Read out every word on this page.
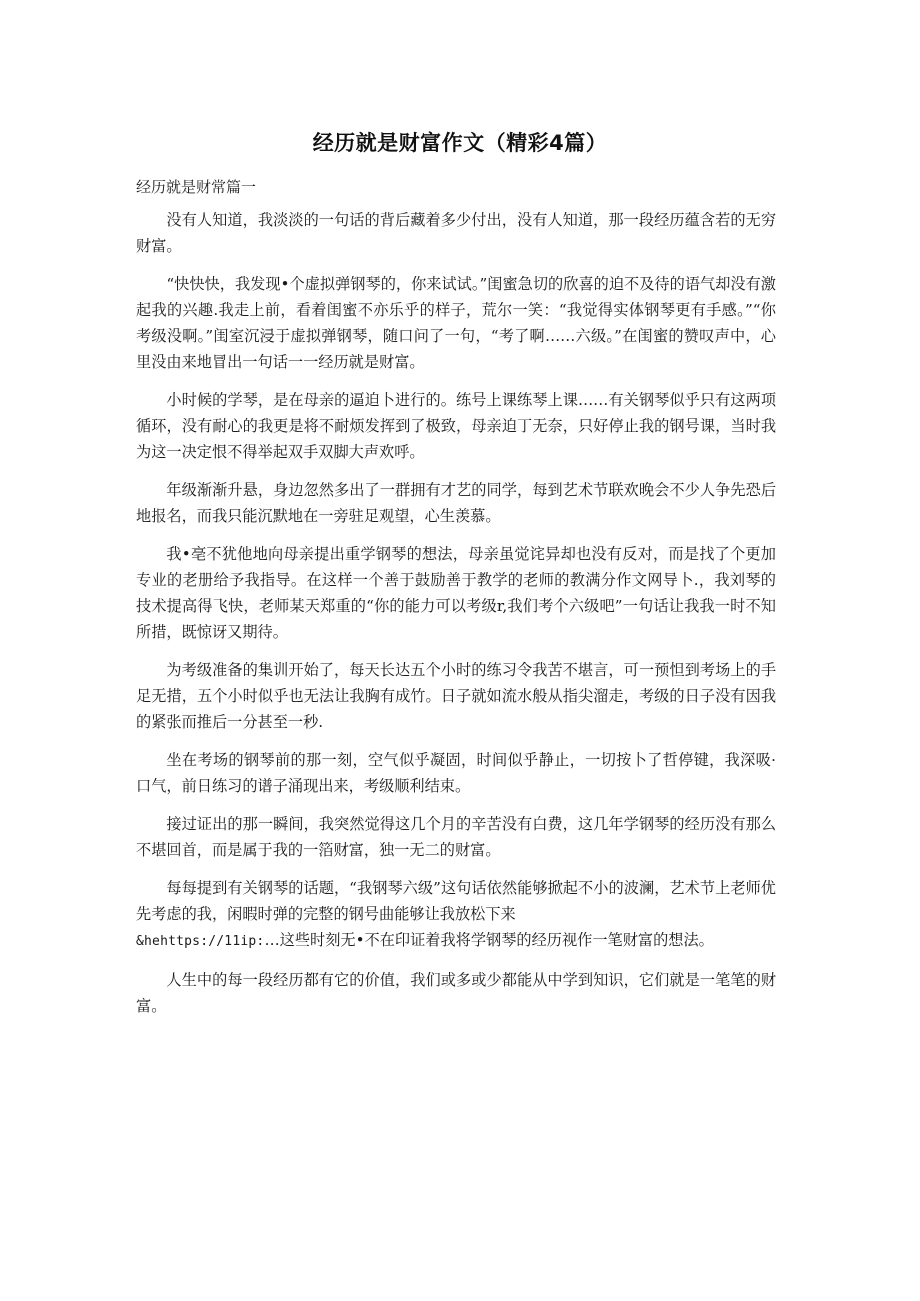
经历就是财富作文（精彩4篇）
经历就是财常篇一

没有人知道，我淡淡的一句话的背后藏着多少付出，没有人知道，那一段经历蕴含若的无穷财富。

“快快快，我发现•个虚拟弹钢琴的，你来试试。”闺蜜急切的欣喜的迫不及待的语气却没有激起我的兴趣.我走上前，看着闺蜜不亦乐乎的样子，荒尔一笑：“我觉得实体钢琴更有手感。”“你考级没啊。”闺室沉浸于虚拟弹钢琴，随口问了一句，“考了啊……六级。”在闺蜜的赞叹声中，心里没由来地冒出一句话一一经历就是财富。

小时候的学琴，是在母亲的逼迫卜进行的。练号上课练琴上课……有关钢琴似乎只有这两项循环，没有耐心的我更是将不耐烦发挥到了极致，母亲迫丁无奈，只好停止我的钢号课，当时我为这一决定恨不得举起双手双脚大声欢呼。

年级渐渐升悬，身边忽然多出了一群拥有才艺的同学，每到艺术节联欢晚会不少人争先恐后地报名，而我只能沉默地在一旁驻足观望，心生羡慕。

我•亳不犹他地向母亲提出重学钢琴的想法，母亲虽觉诧异却也没有反对，而是找了个更加专业的老册给予我指导。在这样一个善于鼓励善于教学的老师的教满分作文网导卜.，我刘琴的技术提高得飞快，老师某天郑重的“你的能力可以考级r,我们考个六级吧”一句话让我我一时不知所措，既惊讶又期待。

为考级准备的集训开始了，每天长达五个小时的练习令我苦不堪言，可一预怛到考场上的手足无措，五个小时似乎也无法让我胸有成竹。日子就如流水般从指尖溜走，考级的日子没有因我的紧张而推后一分甚至一秒.

坐在考场的钢琴前的那一刻，空气似乎凝固，时间似乎静止，一切按卜了哲停键，我深吸·口气，前日练习的谱子涌现出来，考级顺利结束。

接过证出的那一瞬间，我突然觉得这几个月的辛苦没有白费，这几年学钢琴的经历没有那么不堪回首，而是属于我的一箔财富，独一无二的财富。

每每提到有关钢琴的话题，“我钢琴六级”这句话依然能够掀起不小的波澜，艺术节上老师优先考虑的我，闲暇时弹的完整的钢号曲能够让我放松下来

&hehttps://11ip:…这些时刻无•不在印证着我将学钢琴的经历视作一笔财富的想法。

人生中的每一段经历都有它的价值，我们或多或少都能从中学到知识，它们就是一笔笔的财富。
